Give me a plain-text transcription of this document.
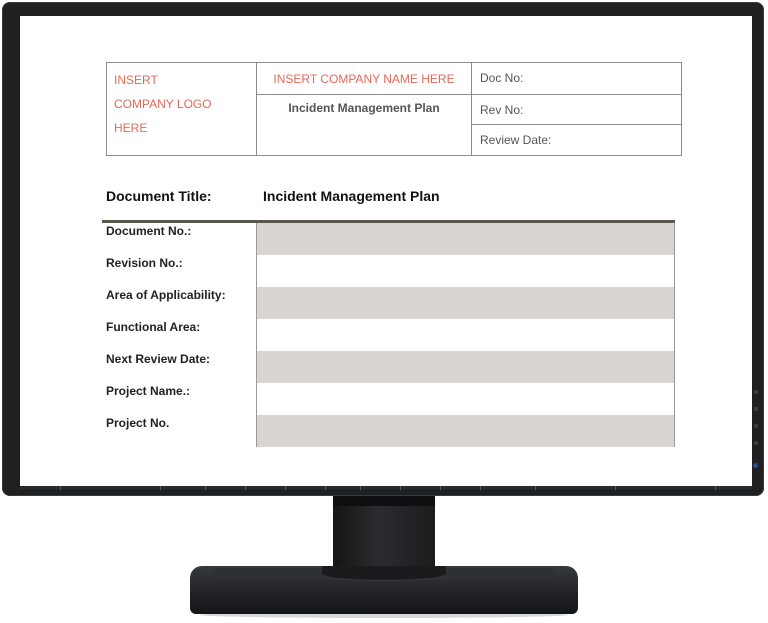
INSERT
COMPANY LOGO
HERE
INSERT COMPANY NAME HERE
Incident Management Plan
Doc No:
Rev No:
Review Date:
Document Title:	Incident Management Plan
Document No.:
Revision No.:
Area of Applicability:
Functional Area:
Next Review Date:
Project Name.:
Project No.
